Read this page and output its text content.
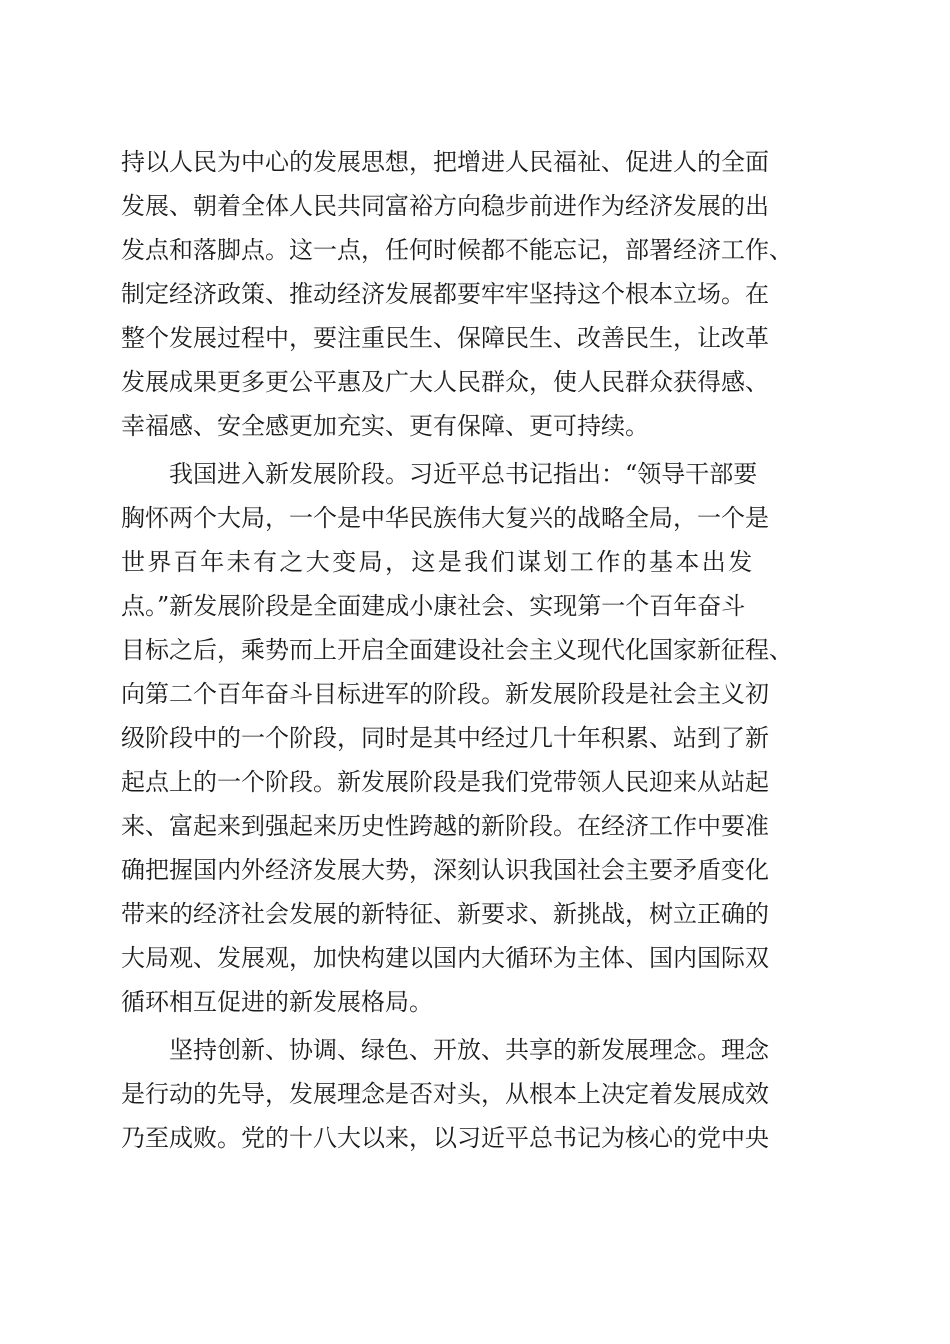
持以人民为中心的发展思想，把增进人民福祉、促进人的全面
发展、朝着全体人民共同富裕方向稳步前进作为经济发展的出
发点和落脚点。这一点，任何时候都不能忘记，部署经济工作、
制定经济政策、推动经济发展都要牢牢坚持这个根本立场。在
整个发展过程中，要注重民生、保障民生、改善民生，让改革
发展成果更多更公平惠及广大人民群众，使人民群众获得感、
幸福感、安全感更加充实、更有保障、更可持续。
我国进入新发展阶段。习近平总书记指出：“领导干部要
胸怀两个大局，一个是中华民族伟大复兴的战略全局，一个是
世界百年未有之大变局，这是我们谋划工作的基本出发
点。”新发展阶段是全面建成小康社会、实现第一个百年奋斗
目标之后，乘势而上开启全面建设社会主义现代化国家新征程、
向第二个百年奋斗目标进军的阶段。新发展阶段是社会主义初
级阶段中的一个阶段，同时是其中经过几十年积累、站到了新
起点上的一个阶段。新发展阶段是我们党带领人民迎来从站起
来、富起来到强起来历史性跨越的新阶段。在经济工作中要准
确把握国内外经济发展大势，深刻认识我国社会主要矛盾变化
带来的经济社会发展的新特征、新要求、新挑战，树立正确的
大局观、发展观，加快构建以国内大循环为主体、国内国际双
循环相互促进的新发展格局。
坚持创新、协调、绿色、开放、共享的新发展理念。理念
是行动的先导，发展理念是否对头，从根本上决定着发展成效
乃至成败。党的十八大以来，以习近平总书记为核心的党中央
